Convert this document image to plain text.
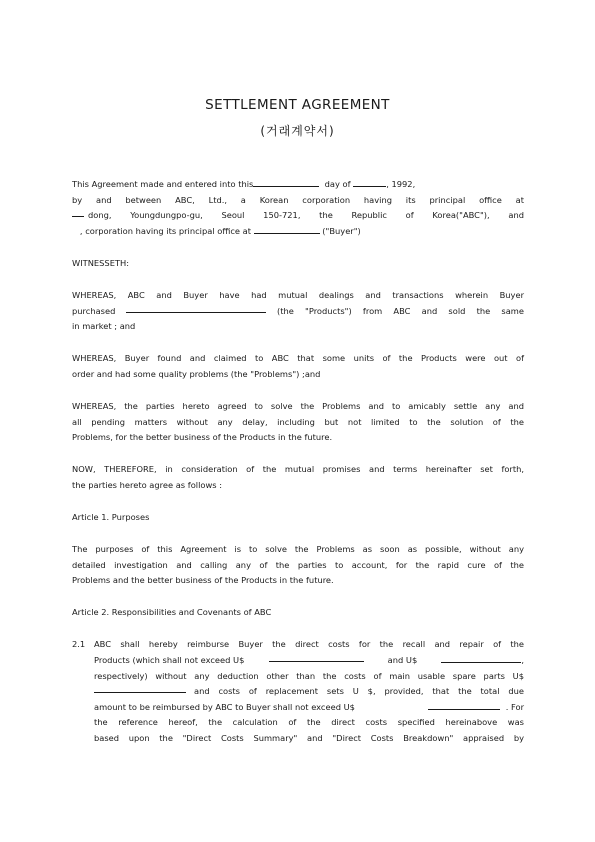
SETTLEMENT AGREEMENT
(거래계약서)
This Agreement made and entered into this	day of	, 1992,
by and between ABC, Ltd., a Korean corporation having its principal office at
dong, Youngdungpo-gu, Seoul 150-721, the Republic of Korea("ABC"), and
, corporation having its principal office at	("Buyer")
WITNESSETH:
WHEREAS, ABC and Buyer have had mutual dealings and transactions wherein Buyer
purchased	(the "Products") from ABC and sold the same
in market ; and
WHEREAS, Buyer found and claimed to ABC that some units of the Products were out of
order and had some quality problems (the "Problems") ;and
WHEREAS, the parties hereto agreed to solve the Problems and to amicably settle any and
all pending matters without any delay, including but not limited to the solution of the
Problems, for the better business of the Products in the future.
NOW, THEREFORE, in consideration of the mutual promises and terms hereinafter set forth,
the parties hereto agree as follows :
Article 1. Purposes
The purposes of this Agreement is to solve the Problems as soon as possible, without any
detailed investigation and calling any of the parties to account, for the rapid cure of the
Problems and the better business of the Products in the future.
Article 2. Responsibilities and Covenants of ABC
2.1 ABC shall hereby reimburse Buyer the direct costs for the recall and repair of the
Products (which shall not exceed U$	and U$	,
respectively) without any deduction other than the costs of main usable spare parts U$
and costs of replacement sets U $, provided, that the total due
amount to be reimbursed by ABC to Buyer shall not exceed U$
	. For
the reference hereof, the calculation of the direct costs specified hereinabove was
based upon the "Direct Costs Summary" and "Direct Costs Breakdown" appraised by
